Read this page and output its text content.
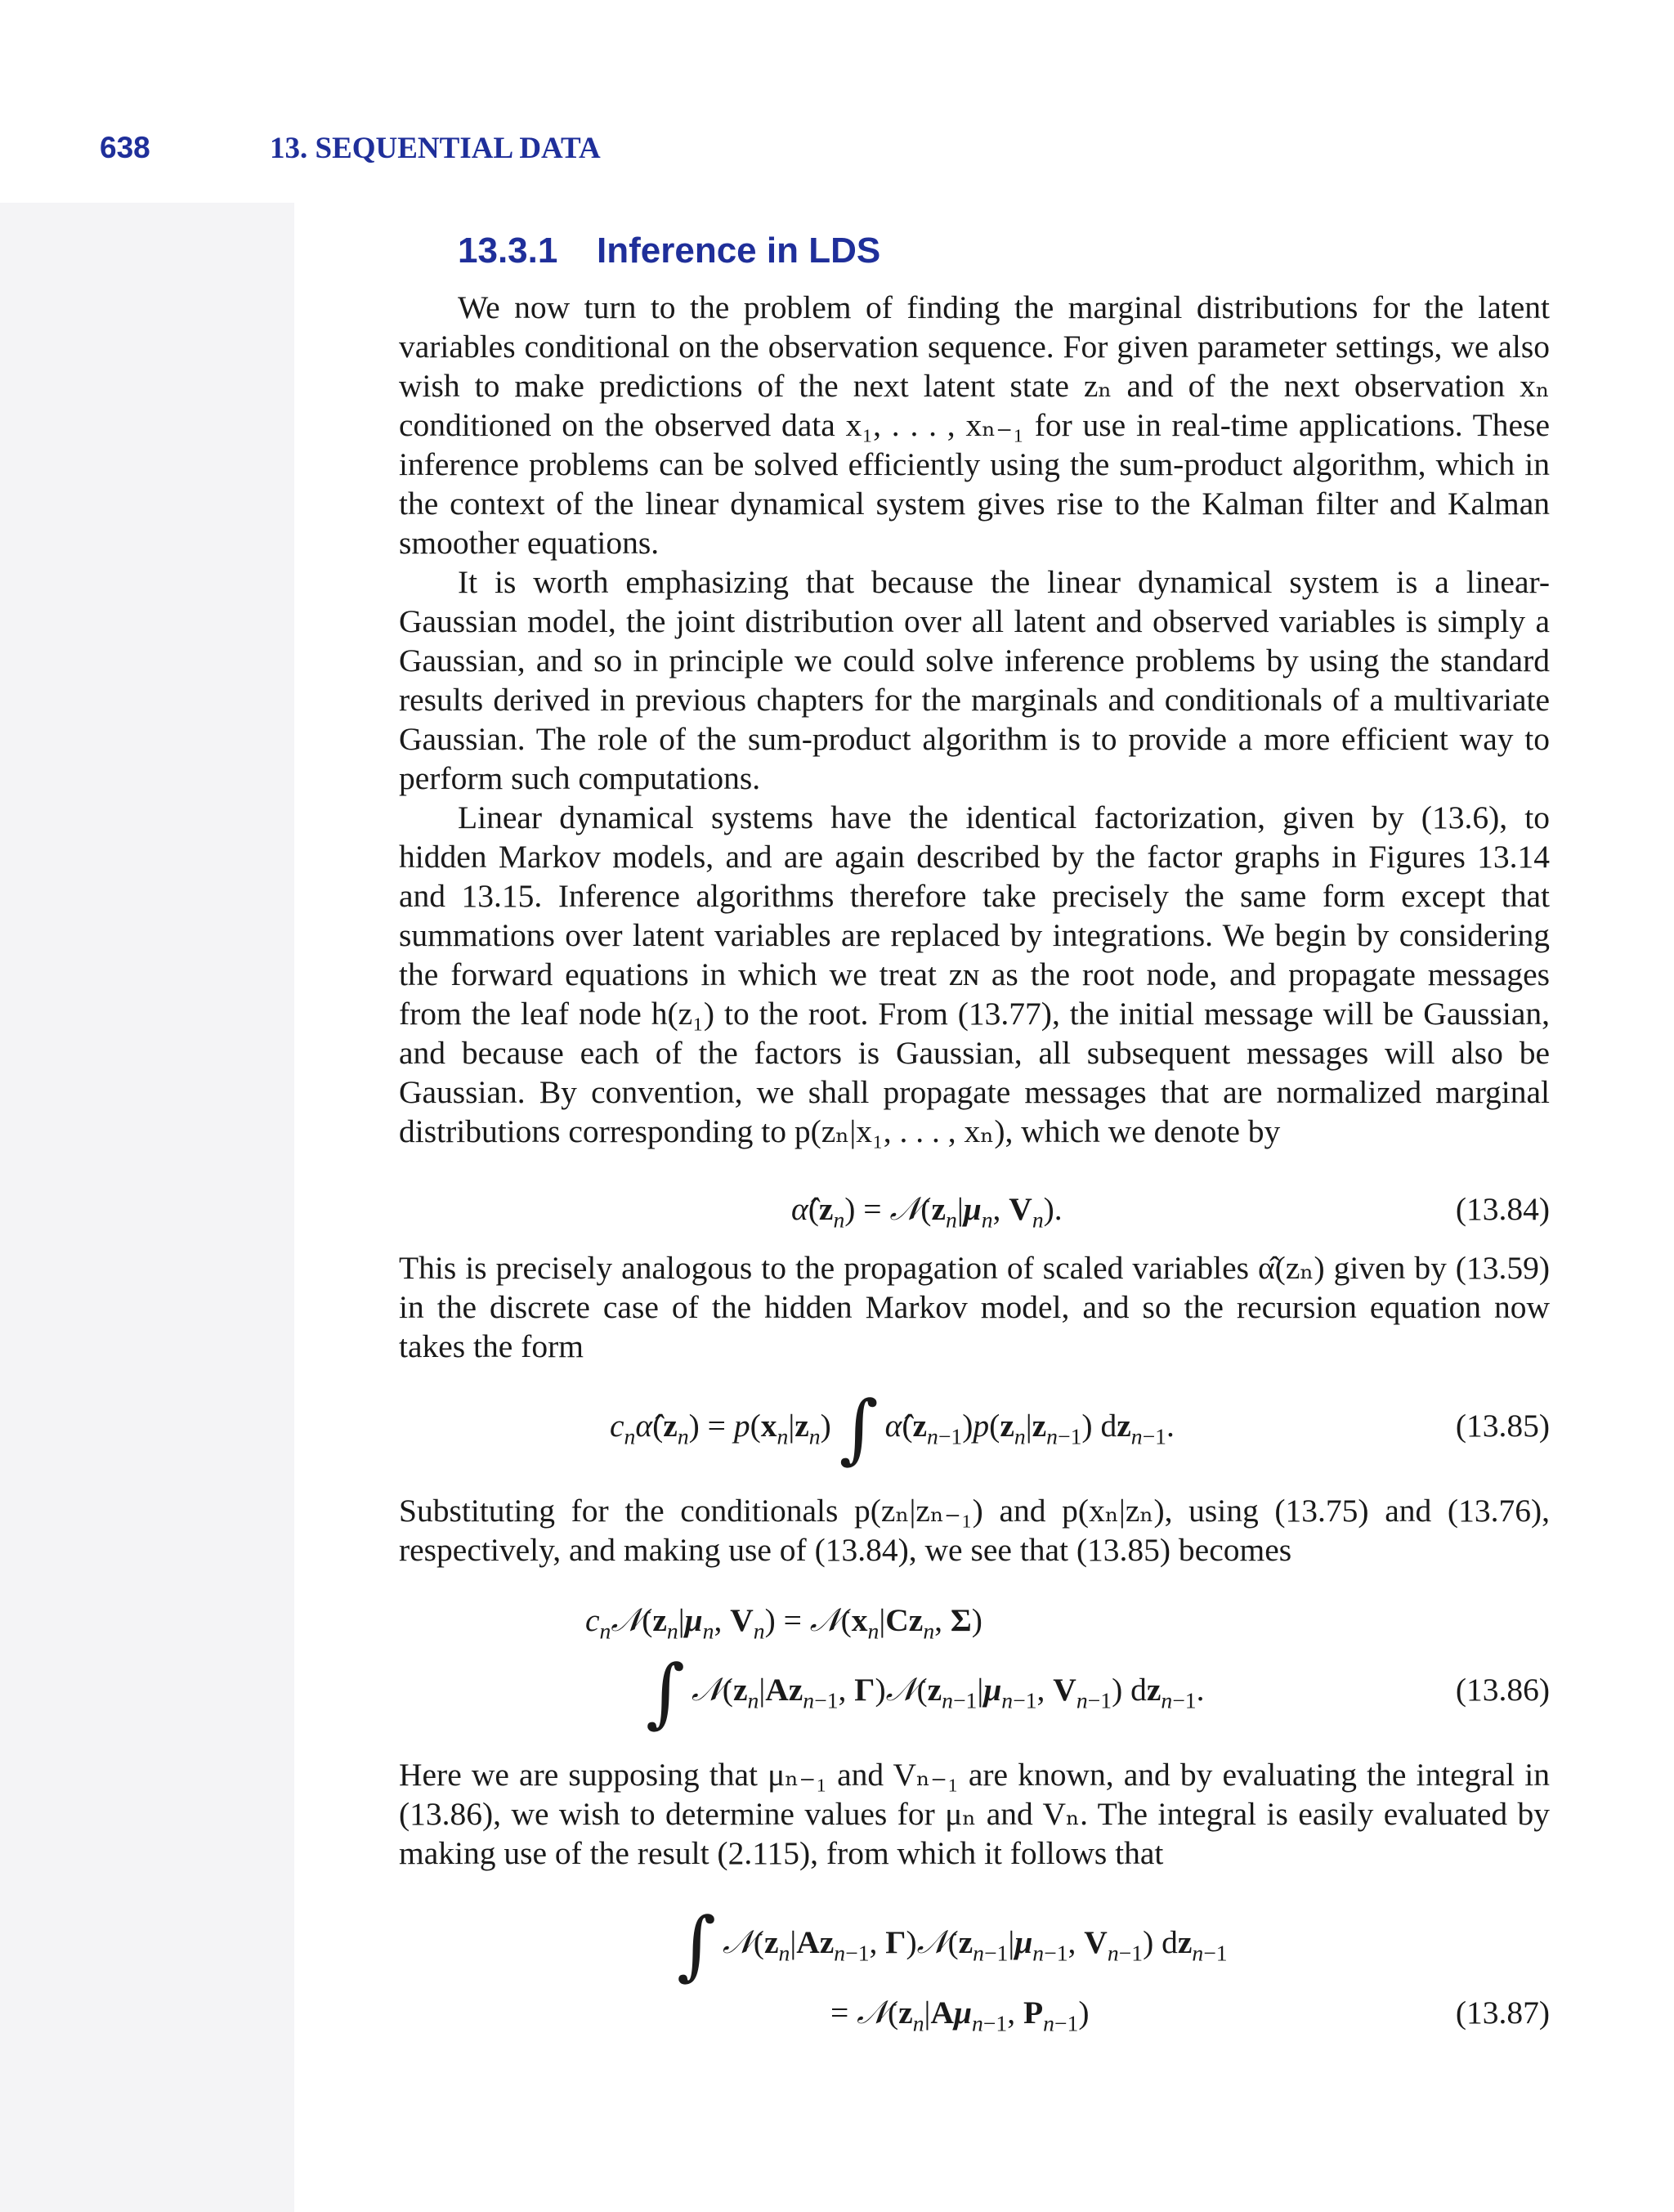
638	13. SEQUENTIAL DATA
13.3.1 Inference in LDS

We now turn to the problem of finding the marginal distributions for the latent variables conditional on the observation sequence. For given parameter settings, we also wish to make predictions of the next latent state zₙ and of the next observation xₙ conditioned on the observed data x₁, . . . , xₙ₋₁ for use in real-time applications. These inference problems can be solved efficiently using the sum-product algorithm, which in the context of the linear dynamical system gives rise to the Kalman filter and Kalman smoother equations.

It is worth emphasizing that because the linear dynamical system is a linear-Gaussian model, the joint distribution over all latent and observed variables is simply a Gaussian, and so in principle we could solve inference problems by using the standard results derived in previous chapters for the marginals and conditionals of a multivariate Gaussian. The role of the sum-product algorithm is to provide a more efficient way to perform such computations.

Linear dynamical systems have the identical factorization, given by (13.6), to hidden Markov models, and are again described by the factor graphs in Figures 13.14 and 13.15. Inference algorithms therefore take precisely the same form except that summations over latent variables are replaced by integrations. We begin by considering the forward equations in which we treat zɴ as the root node, and propagate messages from the leaf node h(z₁) to the root. From (13.77), the initial message will be Gaussian, and because each of the factors is Gaussian, all subsequent messages will also be Gaussian. By convention, we shall propagate messages that are normalized marginal distributions corresponding to p(zₙ|x₁, . . . , xₙ), which we denote by

$\alphâ(z_n)$ = $𝒩(z_n|\mu_n$, $V_n$).	(13.84)

This is precisely analogous to the propagation of scaled variables α̂(zₙ) given by (13.59) in the discrete case of the hidden Markov model, and so the recursion equation now takes the form

$c_n\alphâ(z_n) = p(x_n|z_n)$ ∫ $\alphâ(z_{n-1})p(z_n|z_{n-1})$ $dz_{n-1}$.	(13.85)

Substituting for the conditionals p(zₙ|zₙ₋₁) and p(xₙ|zₙ), using (13.75) and (13.76), respectively, and making use of (13.84), we see that (13.85) becomes

$c_n𝒩(z_n|\mu_n$, $V_n$) = $𝒩(x_n|Cz_n$, Σ)
∫ $𝒩(z_n|Az_{n-1}$, $\Gamma)𝒩(z_{n-1}|\mu_{n-1}$, $V_{n-1}$) $dz_{n-1}$.	(13.86)

Here we are supposing that μₙ₋₁ and Vₙ₋₁ are known, and by evaluating the integral in (13.86), we wish to determine values for μₙ and Vₙ. The integral is easily evaluated by making use of the result (2.115), from which it follows that

∫ $𝒩(z_n|Az_{n-1}$, $\Gamma)𝒩(z_{n-1}|\mu_{n-1}$, $V_{n-1}$) $dz_{n-1}$
= $𝒩(z_n|A\mu_{n-1}$, $P_{n-1}$)	(13.87)
